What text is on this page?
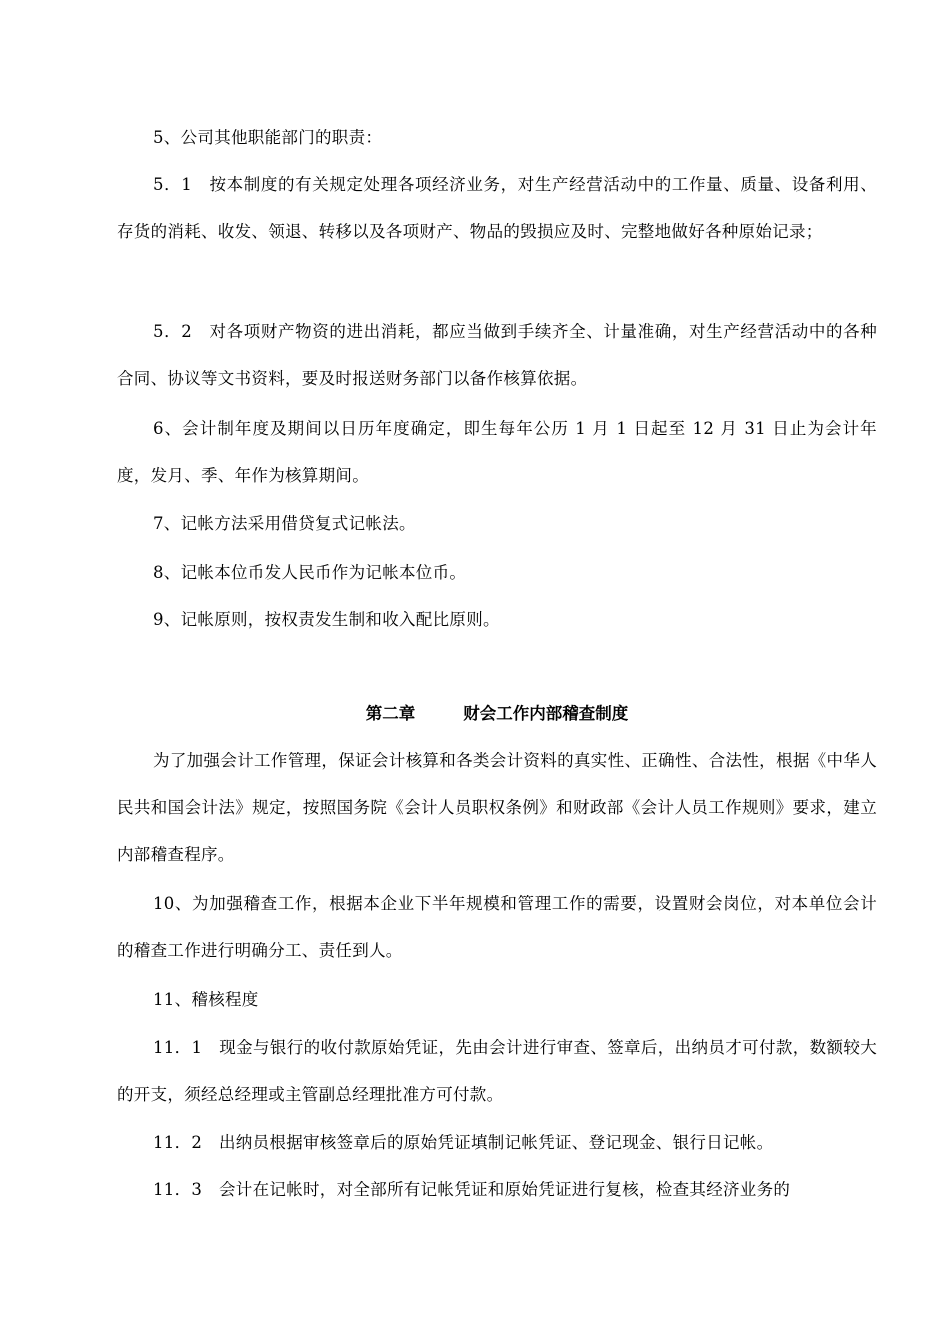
5、公司其他职能部门的职责：

5．1　按本制度的有关规定处理各项经济业务，对生产经营活动中的工作量、质量、设备利用、存货的消耗、收发、领退、转移以及各项财产、物品的毁损应及时、完整地做好各种原始记录；

5．2　对各项财产物资的进出消耗，都应当做到手续齐全、计量准确，对生产经营活动中的各种合同、协议等文书资料，要及时报送财务部门以备作核算依据。

6、会计制年度及期间以日历年度确定，即生每年公历 1 月 1 日起至 12 月 31 日止为会计年度，发月、季、年作为核算期间。

7、记帐方法采用借贷复式记帐法。

8、记帐本位币发人民币作为记帐本位币。

9、记帐原则，按权责发生制和收入配比原则。

第二章	财会工作内部稽查制度

为了加强会计工作管理，保证会计核算和各类会计资料的真实性、正确性、合法性，根据《中华人民共和国会计法》规定，按照国务院《会计人员职权条例》和财政部《会计人员工作规则》要求，建立内部稽查程序。

10、为加强稽查工作，根据本企业下半年规模和管理工作的需要，设置财会岗位，对本单位会计的稽查工作进行明确分工、责任到人。

11、稽核程度

11．1　现金与银行的收付款原始凭证，先由会计进行审查、签章后，出纳员才可付款，数额较大的开支，须经总经理或主管副总经理批准方可付款。

11．2　出纳员根据审核签章后的原始凭证填制记帐凭证、登记现金、银行日记帐。

11．3　会计在记帐时，对全部所有记帐凭证和原始凭证进行复核，检查其经济业务的
